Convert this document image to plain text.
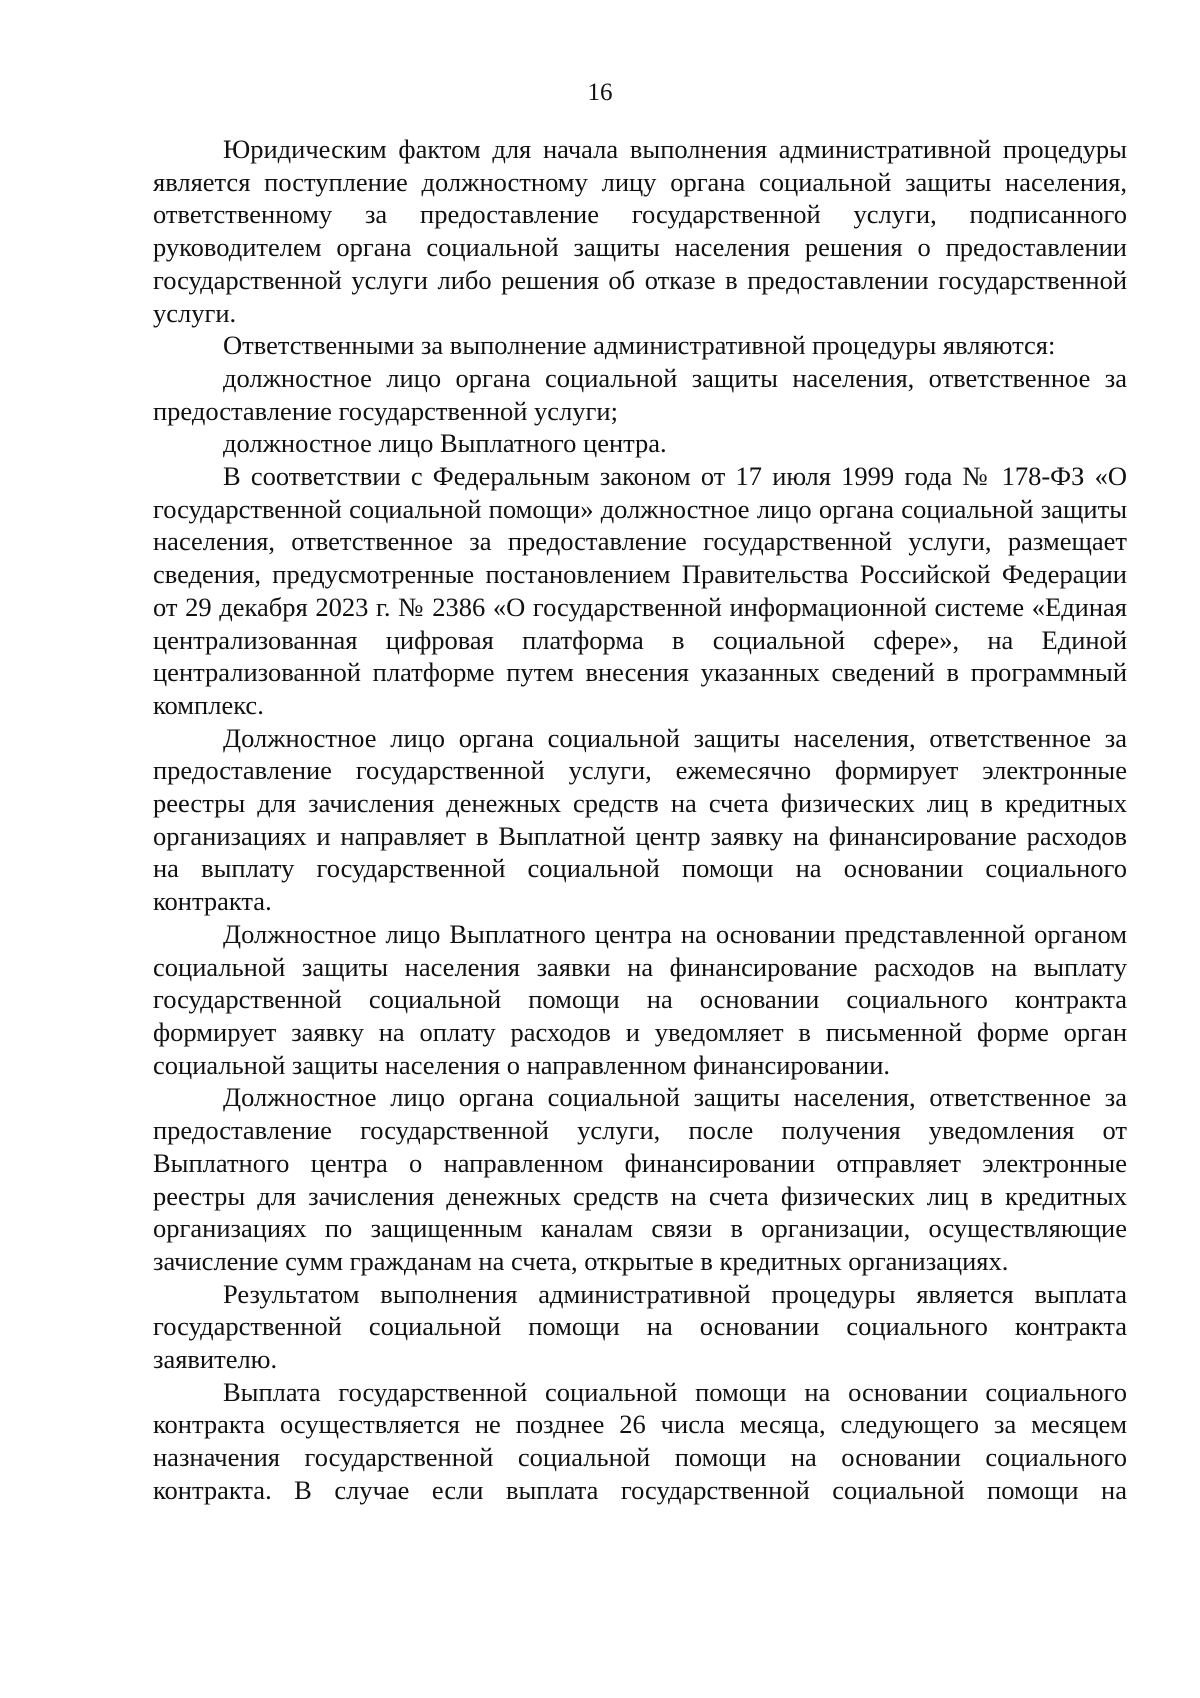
16

Юридическим фактом для начала выполнения административной процедуры является поступление должностному лицу органа социальной защиты населения, ответственному за предоставление государственной услуги, подписанного руководителем органа социальной защиты населения решения о предоставлении государственной услуги либо решения об отказе в предоставлении государственной услуги.

Ответственными за выполнение административной процедуры являются:

должностное лицо органа социальной защиты населения, ответственное за предоставление государственной услуги;

должностное лицо Выплатного центра.

В соответствии с Федеральным законом от 17 июля 1999 года № 178-ФЗ «О государственной социальной помощи» должностное лицо органа социальной защиты населения, ответственное за предоставление государственной услуги, размещает сведения, предусмотренные постановлением Правительства Российской Федерации от 29 декабря 2023 г. № 2386 «О государственной информационной системе «Единая централизованная цифровая платформа в социальной сфере», на Единой централизованной платформе путем внесения указанных сведений в программный комплекс.

Должностное лицо органа социальной защиты населения, ответственное за предоставление государственной услуги, ежемесячно формирует электронные реестры для зачисления денежных средств на счета физических лиц в кредитных организациях и направляет в Выплатной центр заявку на финансирование расходов на выплату государственной социальной помощи на основании социального контракта.

Должностное лицо Выплатного центра на основании представленной органом социальной защиты населения заявки на финансирование расходов на выплату государственной социальной помощи на основании социального контракта формирует заявку на оплату расходов и уведомляет в письменной форме орган социальной защиты населения о направленном финансировании.

Должностное лицо органа социальной защиты населения, ответственное за предоставление государственной услуги, после получения уведомления от Выплатного центра о направленном финансировании отправляет электронные реестры для зачисления денежных средств на счета физических лиц в кредитных организациях по защищенным каналам связи в организации, осуществляющие зачисление сумм гражданам на счета, открытые в кредитных организациях.

Результатом выполнения административной процедуры является выплата государственной социальной помощи на основании социального контракта заявителю.

Выплата государственной социальной помощи на основании социального контракта осуществляется не позднее 26 числа месяца, следующего за месяцем назначения государственной социальной помощи на основании социального контракта. В случае если выплата государственной социальной помощи на
